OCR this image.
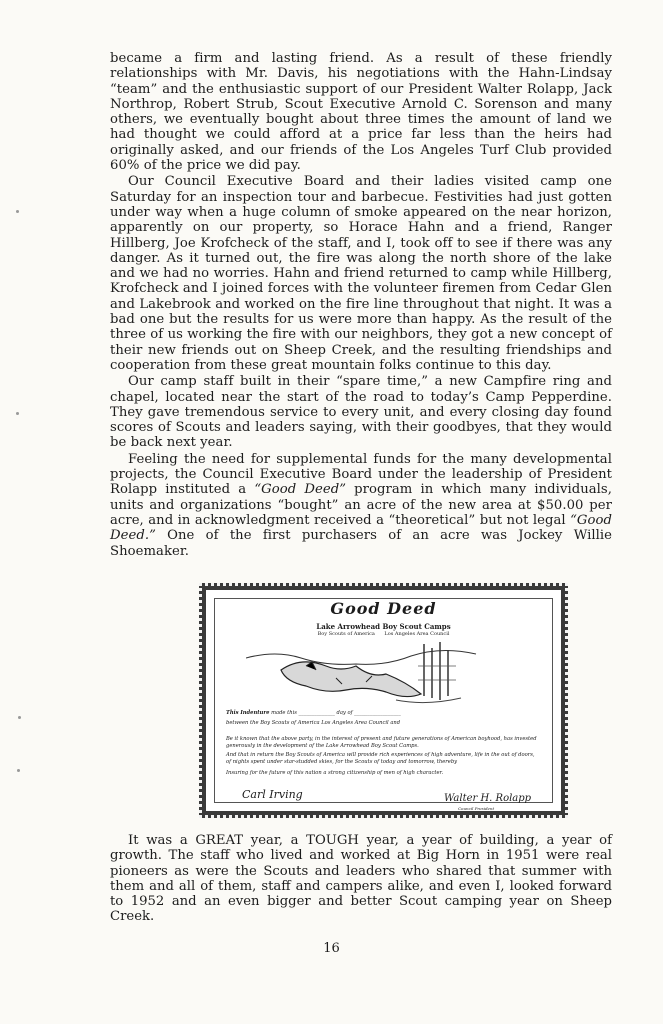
became a firm and lasting friend. As a result of these friendly relationships with Mr. Davis, his negotiations with the Hahn-Lindsay “team” and the enthusiastic support of our President Walter Rolapp, Jack Northrop, Robert Strub, Scout Executive Arnold C. Sorenson and many others, we eventually bought about three times the amount of land we had thought we could afford at a price far less than the heirs had originally asked, and our friends of the Los Angeles Turf Club provided 60% of the price we did pay.

Our Council Executive Board and their ladies visited camp one Saturday for an inspection tour and barbecue. Festivities had just gotten under way when a huge column of smoke appeared on the near horizon, apparently on our property, so Horace Hahn and a friend, Ranger Hillberg, Joe Krofcheck of the staff, and I, took off to see if there was any danger. As it turned out, the fire was along the north shore of the lake and we had no worries. Hahn and friend returned to camp while Hillberg, Krofcheck and I joined forces with the volunteer firemen from Cedar Glen and Lakebrook and worked on the fire line throughout that night. It was a bad one but the results for us were more than happy. As the result of the three of us working the fire with our neighbors, they got a new concept of their new friends out on Sheep Creek, and the resulting friendships and cooperation from these great mountain folks continue to this day.

Our camp staff built in their “spare time,” a new Campfire ring and chapel, located near the start of the road to today’s Camp Pepperdine. They gave tremendous service to every unit, and every closing day found scores of Scouts and leaders saying, with their goodbyes, that they would be back next year.

Feeling the need for supplemental funds for the many developmental projects, the Council Executive Board under the leadership of President Rolapp instituted a “Good Deed” program in which many individuals, units and organizations “bought” an acre of the new area at $50.00 per acre, and in acknowledgment received a “theoretical” but not legal “Good Deed.” One of the first purchasers of an acre was Jockey Willie Shoemaker.

Good Deed
Lake Arrowhead Boy Scout Camps
Boy Scouts of America Los Angeles Area Council
This Indenture made this ______________ day of __________________
between the Boy Scouts of America Los Angeles Area Council and
Be it known that the above party, in the interest of present and future generations of American boyhood, has invested generously in the development of the Lake Arrowhead Boy Scout Camps.
And that in return the Boy Scouts of America will provide rich experiences of high adventure, life in the out of doors, of nights spent under star-studded skies, for the Scouts of today and tomorrow, thereby
Insuring for the future of this nation a strong citizenship of men of high character.
Carl Irving	Walter H. Rolapp
Council President

It was a GREAT year, a TOUGH year, a year of building, a year of growth. The staff who lived and worked at Big Horn in 1951 were real pioneers as were the Scouts and leaders who shared that summer with them and all of them, staff and campers alike, and even I, looked forward to 1952 and an even bigger and better Scout camping year on Sheep Creek.

16
